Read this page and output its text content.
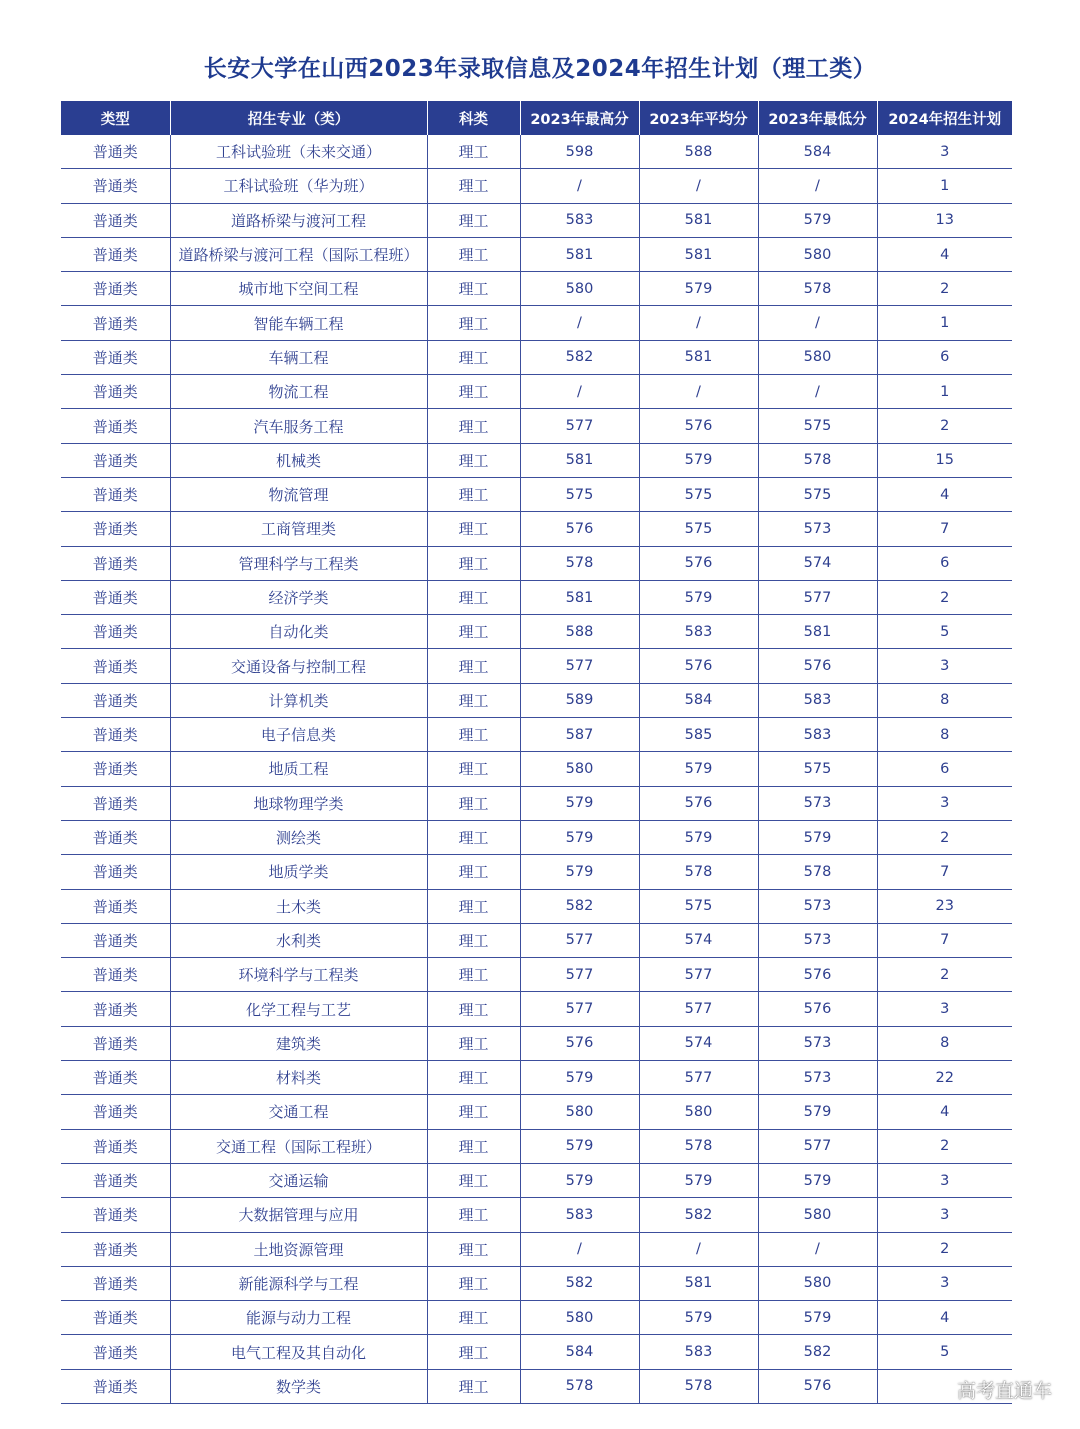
长安大学在山西2023年录取信息及2024年招生计划（理工类）
类型	招生专业（类）	科类	2023年最高分	2023年平均分	2023年最低分	2024年招生计划
普通类	工科试验班（未来交通）	理工	598	588	584	3
普通类	工科试验班（华为班）	理工	/	/	/	1
普通类	道路桥梁与渡河工程	理工	583	581	579	13
普通类	道路桥梁与渡河工程（国际工程班）	理工	581	581	580	4
普通类	城市地下空间工程	理工	580	579	578	2
普通类	智能车辆工程	理工	/	/	/	1
普通类	车辆工程	理工	582	581	580	6
普通类	物流工程	理工	/	/	/	1
普通类	汽车服务工程	理工	577	576	575	2
普通类	机械类	理工	581	579	578	15
普通类	物流管理	理工	575	575	575	4
普通类	工商管理类	理工	576	575	573	7
普通类	管理科学与工程类	理工	578	576	574	6
普通类	经济学类	理工	581	579	577	2
普通类	自动化类	理工	588	583	581	5
普通类	交通设备与控制工程	理工	577	576	576	3
普通类	计算机类	理工	589	584	583	8
普通类	电子信息类	理工	587	585	583	8
普通类	地质工程	理工	580	579	575	6
普通类	地球物理学类	理工	579	576	573	3
普通类	测绘类	理工	579	579	579	2
普通类	地质学类	理工	579	578	578	7
普通类	土木类	理工	582	575	573	23
普通类	水利类	理工	577	574	573	7
普通类	环境科学与工程类	理工	577	577	576	2
普通类	化学工程与工艺	理工	577	577	576	3
普通类	建筑类	理工	576	574	573	8
普通类	材料类	理工	579	577	573	22
普通类	交通工程	理工	580	580	579	4
普通类	交通工程（国际工程班）	理工	579	578	577	2
普通类	交通运输	理工	579	579	579	3
普通类	大数据管理与应用	理工	583	582	580	3
普通类	土地资源管理	理工	/	/	/	2
普通类	新能源科学与工程	理工	582	581	580	3
普通类	能源与动力工程	理工	580	579	579	4
普通类	电气工程及其自动化	理工	584	583	582	5
普通类	数学类	理工	578	578	576		高考直通车
